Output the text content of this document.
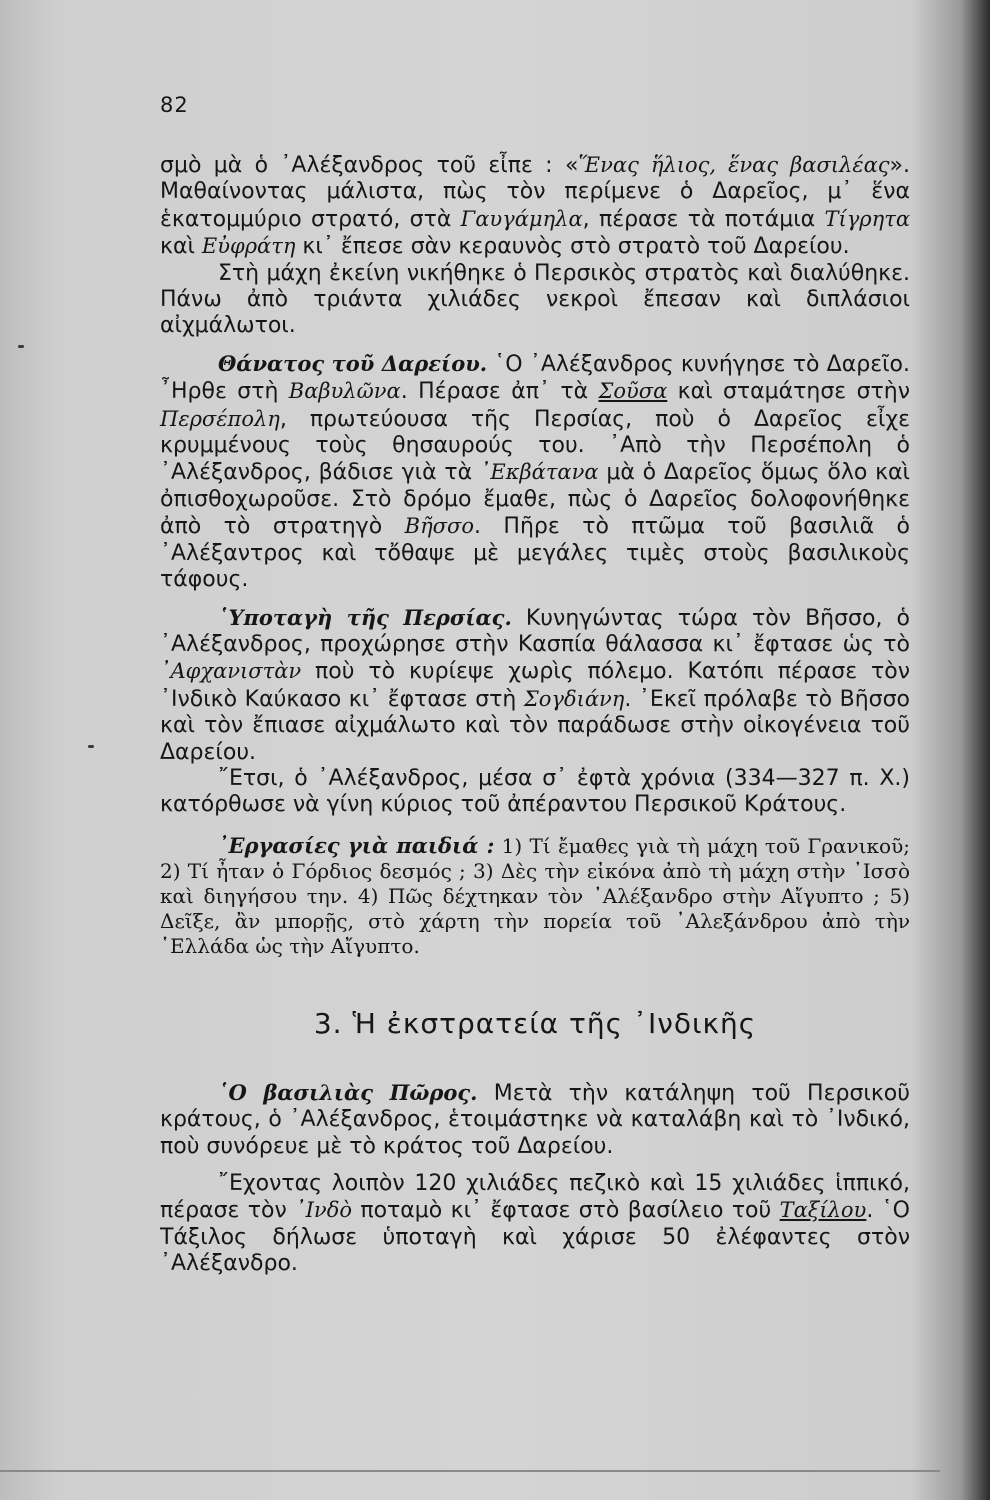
82

σμὸ μὰ ὁ ᾿Αλέξανδρος τοῦ εἶπε : «Ἕνας ἥλιος, ἕνας βασιλέας».

Μαθαίνοντας μάλιστα, πὼς τὸν περίμενε ὁ Δαρεῖος, μ᾿ ἕνα ἑκατομμύριο στρατό, στὰ Γαυγάμηλα, πέρασε τὰ ποτάμια Τίγρητα καὶ Εὐφράτη κι᾿ ἔπεσε σὰν κεραυνὸς στὸ στρατὸ τοῦ Δαρείου.

Στὴ μάχη ἐκείνη νικήθηκε ὁ Περσικὸς στρατὸς καὶ διαλύθηκε. Πάνω ἀπὸ τριάντα χιλιάδες νεκροὶ ἔπεσαν καὶ διπλάσιοι αἰχμάλωτοι.

Θάνατος τοῦ Δαρείου. ῾Ο ᾿Αλέξανδρος κυνήγησε τὸ Δαρεῖο. ῏Ηρθε στὴ Βαβυλῶνα. Πέρασε ἀπ᾿ τὰ Σοῦσα καὶ σταμάτησε στὴν Περσέπολη, πρωτεύουσα τῆς Περσίας, ποὺ ὁ Δαρεῖος εἶχε κρυμμένους τοὺς θησαυρούς του. ᾿Απὸ τὴν Περσέπολη ὁ ᾿Αλέξανδρος, βάδισε γιὰ τὰ ᾿Εκβάτανα μὰ ὁ Δαρεῖος ὅμως ὅλο καὶ ὀπισθοχωροῦσε. Στὸ δρόμο ἔμαθε, πὼς ὁ Δαρεῖος δολοφονήθηκε ἀπὸ τὸ στρατηγὸ Βῆσσο. Πῆρε τὸ πτῶμα τοῦ βασιλιᾶ ὁ ᾿Αλέξαντρος καὶ τὄθαψε μὲ μεγάλες τιμὲς στοὺς βασιλικοὺς τάφους.

῾Υποταγὴ τῆς Περσίας. Κυνηγώντας τώρα τὸν Βῆσσο, ὁ ᾿Αλέξανδρος, προχώρησε στὴν Κασπία θάλασσα κι᾿ ἔφτασε ὡς τὸ ᾿Αφχανιστὰν ποὺ τὸ κυρίεψε χωρὶς πόλεμο. Κατόπι πέρασε τὸν ᾿Ινδικὸ Καύκασο κι᾿ ἔφτασε στὴ Σογδιάνη. ᾿Εκεῖ πρόλαβε τὸ Βῆσσο καὶ τὸν ἔπιασε αἰχμάλωτο καὶ τὸν παράδωσε στὴν οἰκογένεια τοῦ Δαρείου.

῎Ετσι, ὁ ᾿Αλέξανδρος, μέσα σ᾿ ἐφτὰ χρόνια (334—327 π. Χ.) κατόρθωσε νὰ γίνη κύριος τοῦ ἀπέραντου Περσικοῦ Κράτους.

᾿Εργασίες γιὰ παιδιά : 1) Τί ἔμαθες γιὰ τὴ μάχη τοῦ Γρανικοῦ; 2) Τί ἦταν ὁ Γόρδιος δεσμός ; 3) Δὲς τὴν εἰκόνα ἀπὸ τὴ μάχη στὴν ᾿Ισσὸ καὶ διηγήσου την. 4) Πῶς δέχτηκαν τὸν ᾿Αλέξανδρο στὴν Αἴγυπτο ; 5) Δεῖξε, ἂν μπορῇς, στὸ χάρτη τὴν πορεία τοῦ ᾿Αλεξάνδρου ἀπὸ τὴν ῾Ελλάδα ὡς τὴν Αἴγυπτο.

3. Ἡ ἐκστρατεία τῆς ᾿Ινδικῆς

῾Ο βασιλιὰς Πῶρος. Μετὰ τὴν κατάληψη τοῦ Περσικοῦ κράτους, ὁ ᾿Αλέξανδρος, ἑτοιμάστηκε νὰ καταλάβη καὶ τὸ ᾿Ινδικό, ποὺ συνόρευε μὲ τὸ κράτος τοῦ Δαρείου.

῎Εχοντας λοιπὸν 120 χιλιάδες πεζικὸ καὶ 15 χιλιάδες ἱππικό, πέρασε τὸν ᾿Ινδὸ ποταμὸ κι᾿ ἔφτασε στὸ βασίλειο τοῦ Ταξίλου. ῾Ο Τάξιλος δήλωσε ὑποταγὴ καὶ χάρισε 50 ἐλέφαντες στὸν ᾿Αλέξανδρο.
